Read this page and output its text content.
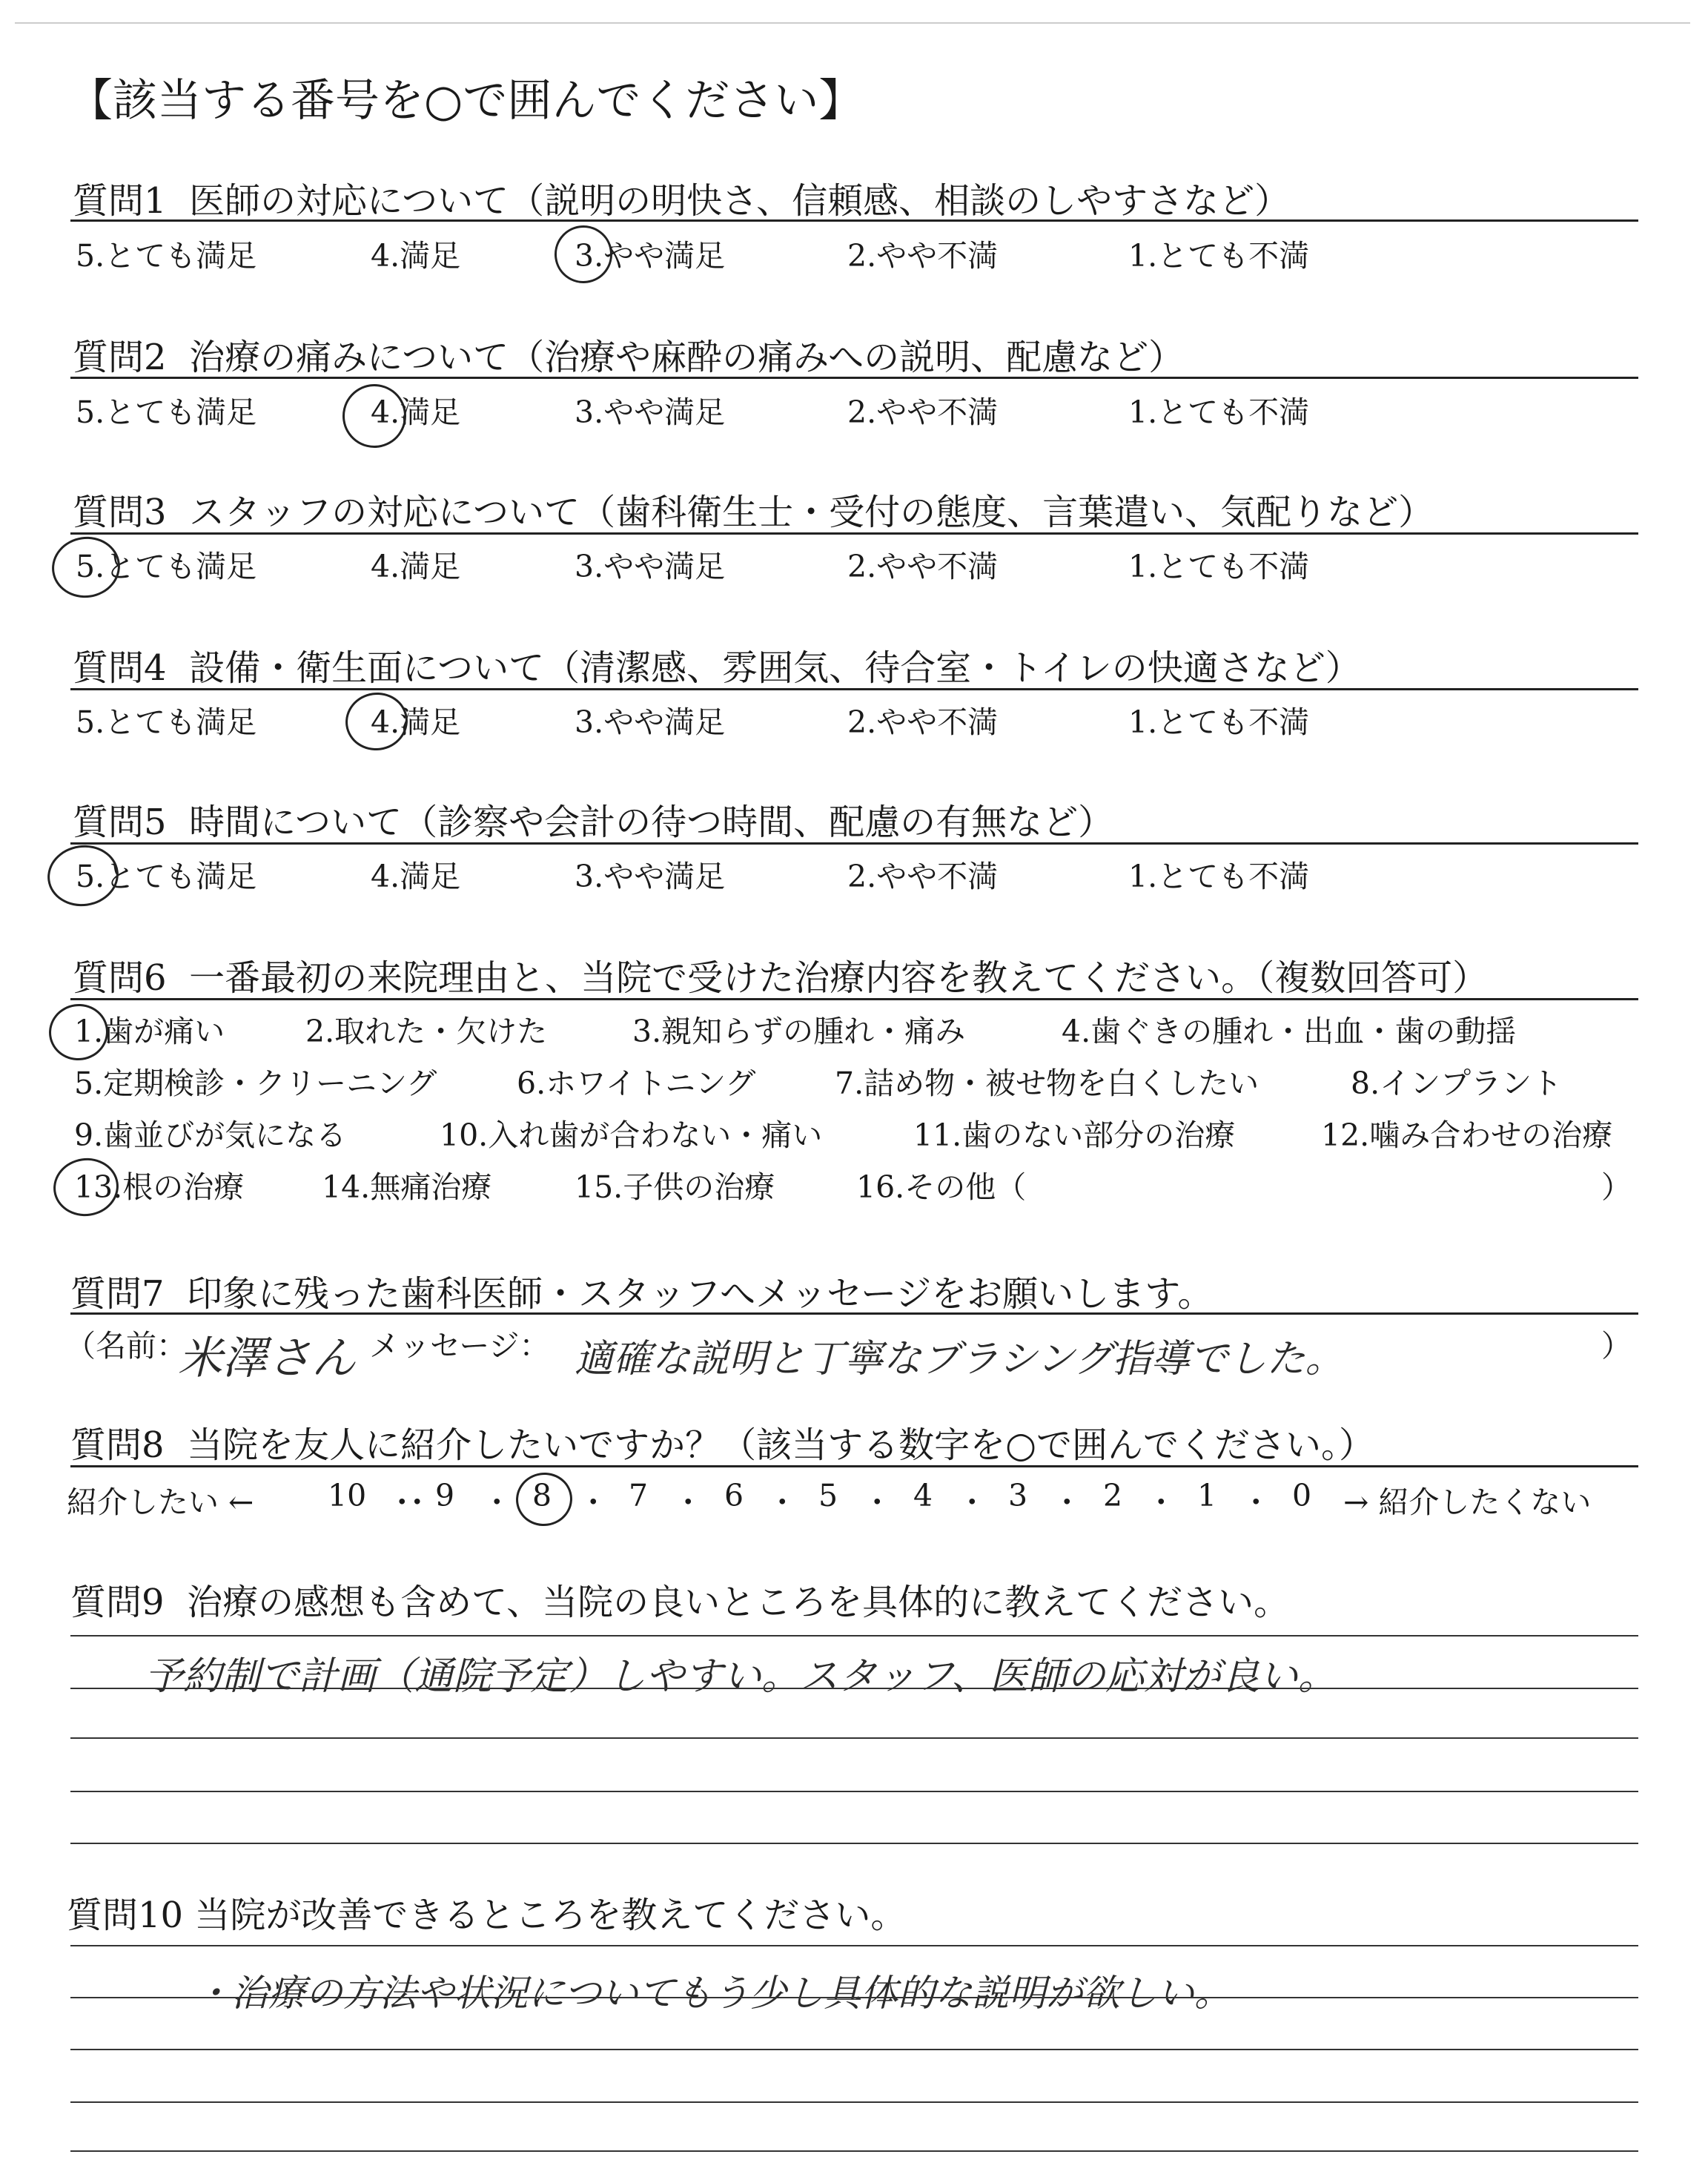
【該当する番号を○で囲んでください】
質問1 医師の対応について（説明の明快さ、信頼感、相談のしやすさなど）
5.とても満足	4.満足	3.やや満足	2.やや不満	1.とても不満
質問2 治療の痛みについて（治療や麻酔の痛みへの説明、配慮など）
5.とても満足	4.満足	3.やや満足	2.やや不満	1.とても不満
質問3 スタッフの対応について（歯科衛生士・受付の態度、言葉遣い、気配りなど）
5.とても満足	4.満足	3.やや満足	2.やや不満	1.とても不満
質問4 設備・衛生面について（清潔感、雰囲気、待合室・トイレの快適さなど）
5.とても満足	4.満足	3.やや満足	2.やや不満	1.とても不満
質問5 時間について（診察や会計の待つ時間、配慮の有無など）
5.とても満足	4.満足	3.やや満足	2.やや不満	1.とても不満
質問6 一番最初の来院理由と、当院で受けた治療内容を教えてください。（複数回答可）
1.歯が痛い	2.取れた・欠けた	3.親知らずの腫れ・痛み	4.歯ぐきの腫れ・出血・歯の動揺
5.定期検診・クリーニング	6.ホワイトニング	7.詰め物・被せ物を白くしたい	8.インプラント
9.歯並びが気になる	10.入れ歯が合わない・痛い	11.歯のない部分の治療	12.噛み合わせの治療
13.根の治療	14.無痛治療	15.子供の治療	16.その他（	）
質問7 印象に残った歯科医師・スタッフへメッセージをお願いします。
（名前：
米澤さん メッセージ： 適確な説明と丁寧なブラシング指導でした。	）
質問8 当院を友人に紹介したいですか？（該当する数字を○で囲んでください。）
紹介したい ←	→ 紹介したくない
10 9	8	7	6 5 4 3 2 1 0
･･ ･	･	･	･	･	･	･	･	･
質問9 治療の感想も含めて、当院の良いところを具体的に教えてください。
予約制で計画（通院予定）しやすい。スタッフ、医師の応対が良い。
質問10 当院が改善できるところを教えてください。
・治療の方法や状況についてもう少し具体的な説明が欲しい。
